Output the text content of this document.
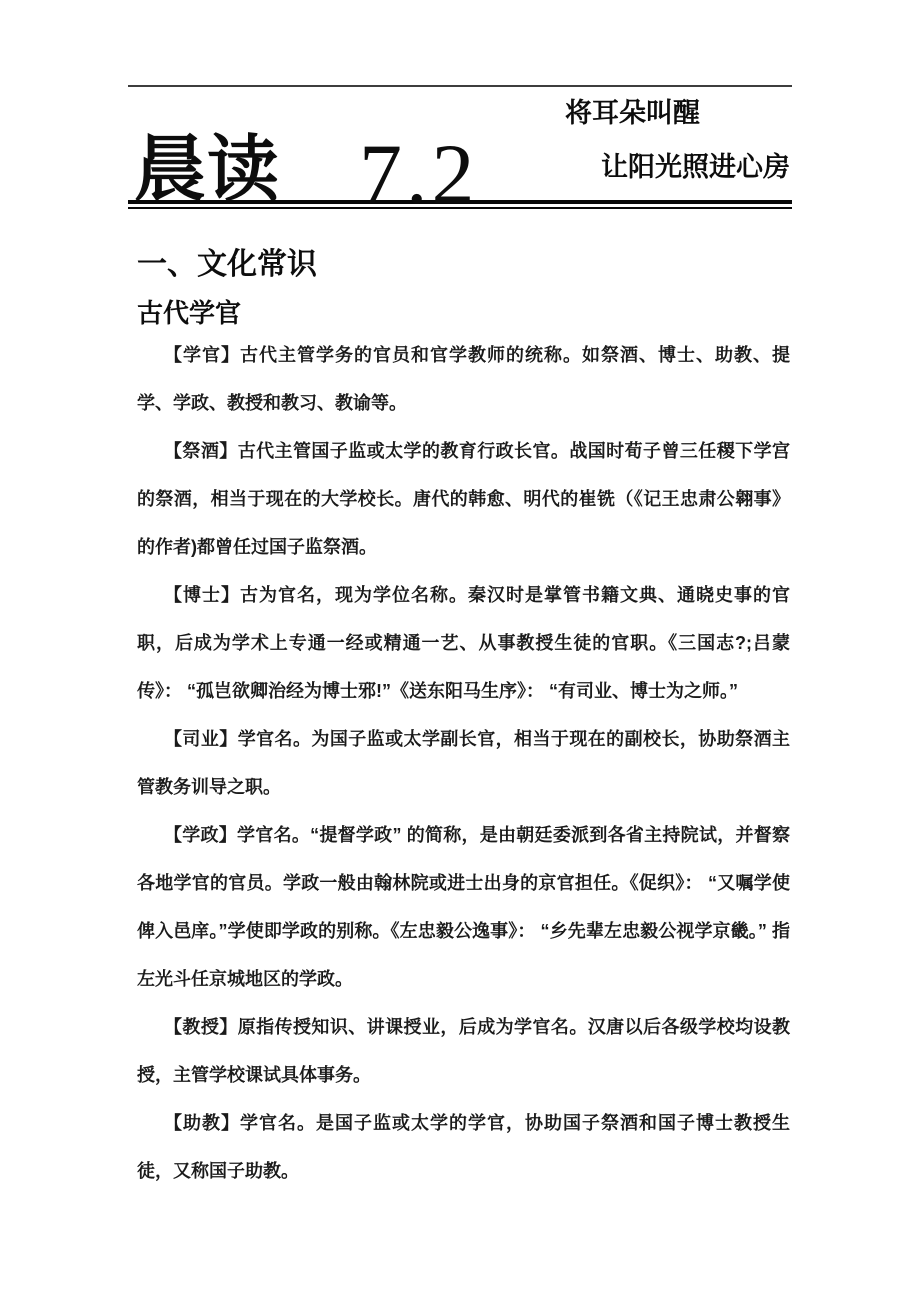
晨读 7.2
将耳朵叫醒
让阳光照进心房
一、文化常识
古代学官

【学官】古代主管学务的官员和官学教师的统称。如祭酒、博士、助教、提学、学政、教授和教习、教谕等。

【祭酒】古代主管国子监或太学的教育行政长官。战国时荀子曾三任稷下学宫的祭酒，相当于现在的大学校长。唐代的韩愈、明代的崔铣（《记王忠肃公翱事》的作者)都曾任过国子监祭酒。

【博士】古为官名，现为学位名称。秦汉时是掌管书籍文典、通晓史事的官职，后成为学术上专通一经或精通一艺、从事教授生徒的官职。《三国志?;吕蒙传》： “孤岂欲卿治经为博士邪!”《送东阳马生序》： “有司业、博士为之师。”

【司业】学官名。为国子监或太学副长官，相当于现在的副校长，协助祭酒主管教务训导之职。

【学政】学官名。“提督学政” 的简称，是由朝廷委派到各省主持院试，并督察各地学官的官员。学政一般由翰林院或进士出身的京官担任。《促织》： “又嘱学使俾入邑庠。”学使即学政的别称。《左忠毅公逸事》： “乡先辈左忠毅公视学京畿。” 指左光斗任京城地区的学政。

【教授】原指传授知识、讲课授业，后成为学官名。汉唐以后各级学校均设教授，主管学校课试具体事务。

【助教】学官名。是国子监或太学的学官，协助国子祭酒和国子博士教授生徒，又称国子助教。
